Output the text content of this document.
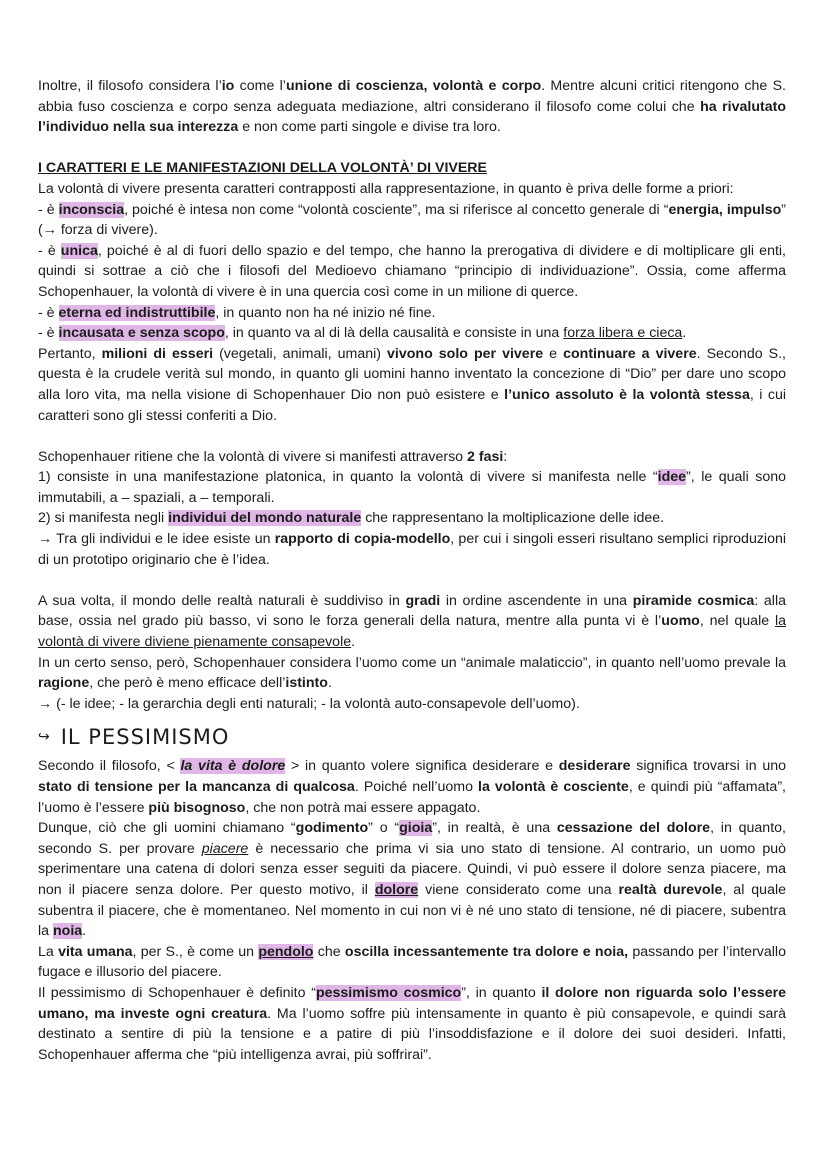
Inoltre, il filosofo considera l’io come l’unione di coscienza, volontà e corpo. Mentre alcuni critici ritengono che S. abbia fuso coscienza e corpo senza adeguata mediazione, altri considerano il filosofo come colui che ha rivalutato l’individuo nella sua interezza e non come parti singole e divise tra loro.

I CARATTERI E LE MANIFESTAZIONI DELLA VOLONTÀ’ DI VIVERE

La volontà di vivere presenta caratteri contrapposti alla rappresentazione, in quanto è priva delle forme a priori:

- è inconscia, poiché è intesa non come “volontà cosciente”, ma si riferisce al concetto generale di “energia, impulso” (→ forza di vivere).

- è unica, poiché è al di fuori dello spazio e del tempo, che hanno la prerogativa di dividere e di moltiplicare gli enti, quindi si sottrae a ciò che i filosofi del Medioevo chiamano “principio di individuazione”. Ossia, come afferma Schopenhauer, la volontà di vivere è in una quercia così come in un milione di querce.

- è eterna ed indistruttibile, in quanto non ha né inizio né fine.

- è incausata e senza scopo, in quanto va al di là della causalità e consiste in una forza libera e cieca.

Pertanto, milioni di esseri (vegetali, animali, umani) vivono solo per vivere e continuare a vivere. Secondo S., questa è la crudele verità sul mondo, in quanto gli uomini hanno inventato la concezione di “Dio” per dare uno scopo alla loro vita, ma nella visione di Schopenhauer Dio non può esistere e l’unico assoluto è la volontà stessa, i cui caratteri sono gli stessi conferiti a Dio.

Schopenhauer ritiene che la volontà di vivere si manifesti attraverso 2 fasi:

1) consiste in una manifestazione platonica, in quanto la volontà di vivere si manifesta nelle “idee”, le quali sono immutabili, a – spaziali, a – temporali.

2) si manifesta negli individui del mondo naturale che rappresentano la moltiplicazione delle idee.

→ Tra gli individui e le idee esiste un rapporto di copia-modello, per cui i singoli esseri risultano semplici riproduzioni di un prototipo originario che è l’idea.

A sua volta, il mondo delle realtà naturali è suddiviso in gradi in ordine ascendente in una piramide cosmica: alla base, ossia nel grado più basso, vi sono le forza generali della natura, mentre alla punta vi è l’uomo, nel quale la volontà di vivere diviene pienamente consapevole.

In un certo senso, però, Schopenhauer considera l’uomo come un “animale malaticcio”, in quanto nell’uomo prevale la ragione, che però è meno efficace dell’istinto.

→ (- le idee; - la gerarchia degli enti naturali; - la volontà auto-consapevole dell’uomo).

↪ IL PESSIMISMO

Secondo il filosofo, < la vita è dolore > in quanto volere significa desiderare e desiderare significa trovarsi in uno stato di tensione per la mancanza di qualcosa. Poiché nell’uomo la volontà è cosciente, e quindi più “affamata”, l’uomo è l’essere più bisognoso, che non potrà mai essere appagato.

Dunque, ciò che gli uomini chiamano “godimento” o “gioia”, in realtà, è una cessazione del dolore, in quanto, secondo S. per provare piacere è necessario che prima vi sia uno stato di tensione. Al contrario, un uomo può sperimentare una catena di dolori senza esser seguiti da piacere. Quindi, vi può essere il dolore senza piacere, ma non il piacere senza dolore. Per questo motivo, il dolore viene considerato come una realtà durevole, al quale subentra il piacere, che è momentaneo. Nel momento in cui non vi è né uno stato di tensione, né di piacere, subentra la noia.

La vita umana, per S., è come un pendolo che oscilla incessantemente tra dolore e noia, passando per l’intervallo fugace e illusorio del piacere.

Il pessimismo di Schopenhauer è definito “pessimismo cosmico”, in quanto il dolore non riguarda solo l’essere umano, ma investe ogni creatura. Ma l’uomo soffre più intensamente in quanto è più consapevole, e quindi sarà destinato a sentire di più la tensione e a patire di più l’insoddisfazione e il dolore dei suoi desideri. Infatti, Schopenhauer afferma che “più intelligenza avrai, più soffrirai”.
